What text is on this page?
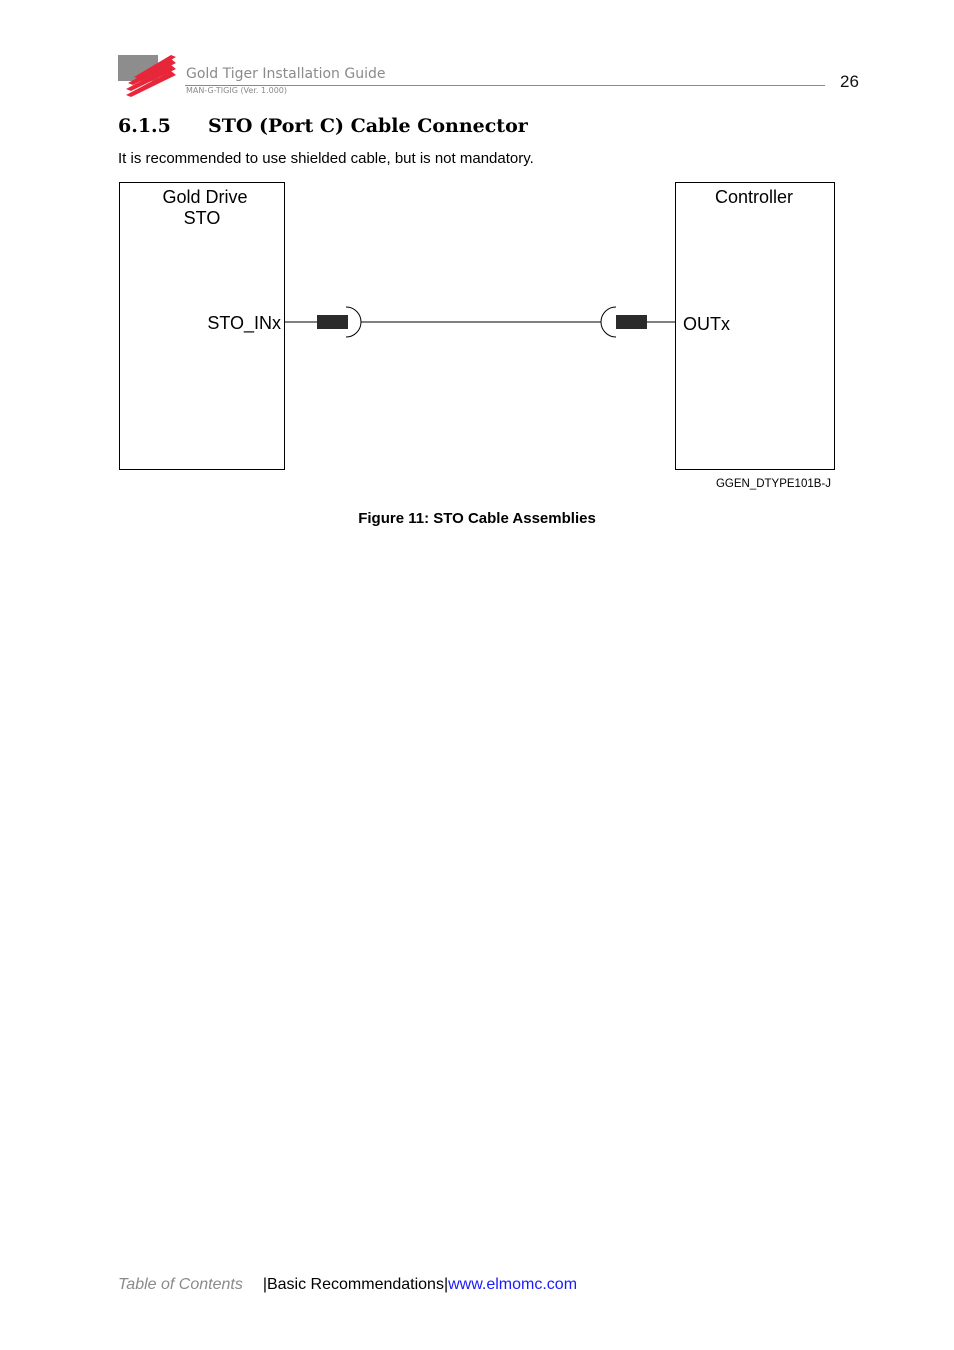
Gold Tiger Installation Guide
MAN-G-TIGIG (Ver. 1.000)	26
6.1.5 STO (Port C) Cable Connector
It is recommended to use shielded cable, but is not mandatory.
Gold Drive
STO
STO_INx
Controller
OUTx
GGEN_DTYPE101B-J
Figure 11: STO Cable Assemblies
Table of Contents |Basic Recommendations|www.elmomc.com
